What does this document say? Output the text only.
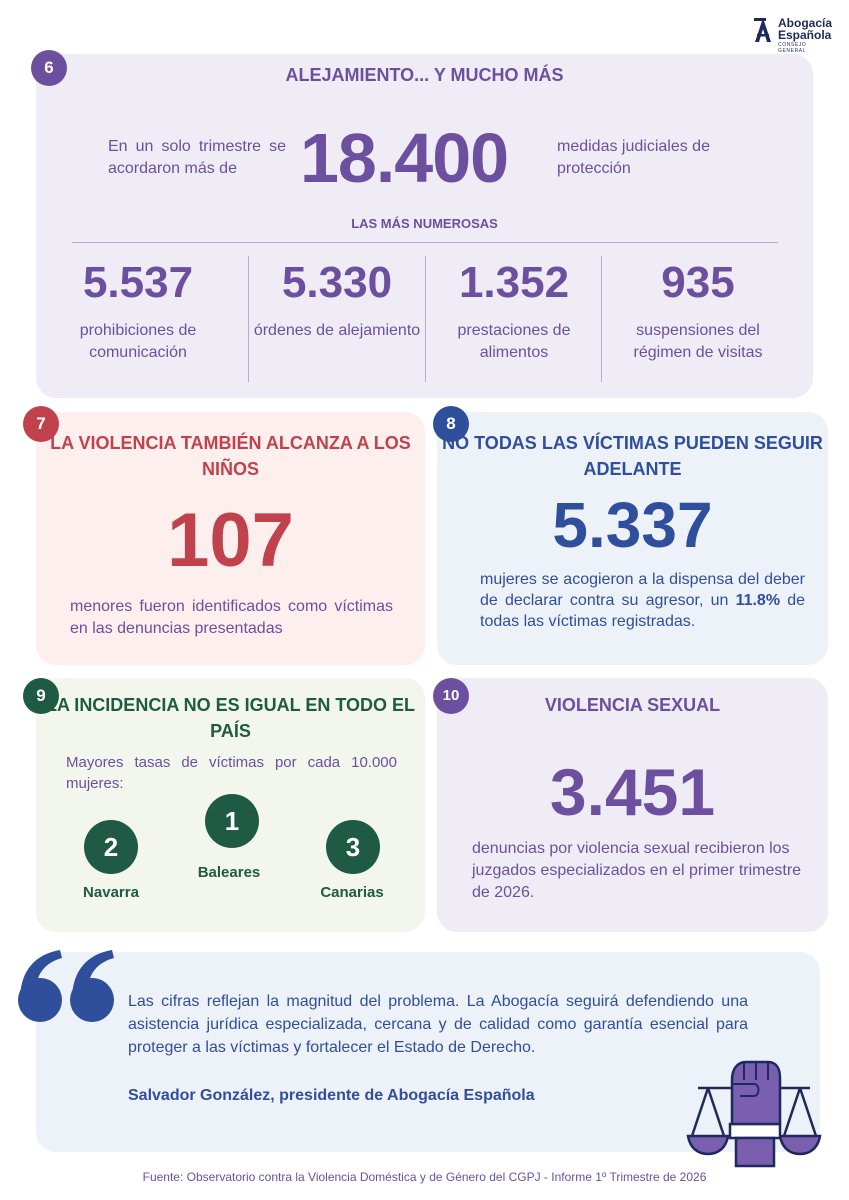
Abogacía
Española
CONSEJO GENERAL
6	ALEJAMIENTO... Y MUCHO MÁS
En un solo trimestre se acordaron más de 18.400	medidas judiciales de protección
LAS MÁS NUMEROSAS
5.537
prohibiciones de comunicación
5.330
órdenes de alejamiento
1.352
prestaciones de alimentos
935
suspensiones del régimen de visitas
7
LA VIOLENCIA TAMBIÉN ALCANZA A LOS NIÑOS
107
menores fueron identificados como víctimas en las denuncias presentadas
8
NO TODAS LAS VÍCTIMAS PUEDEN SEGUIR ADELANTE
5.337
mujeres se acogieron a la dispensa del deber de declarar contra su agresor, un 11.8% de todas las víctimas registradas.
9 LA INCIDENCIA NO ES IGUAL EN TODO EL PAÍS
Mayores tasas de víctimas por cada 10.000 mujeres:
1
Baleares
2
Navarra
3
Canarias
10	VIOLENCIA SEXUAL
3.451
denuncias por violencia sexual recibieron los juzgados especializados en el primer trimestre de 2026.
Las cifras reflejan la magnitud del problema. La Abogacía seguirá defendiendo una asistencia jurídica especializada, cercana y de calidad como garantía esencial para proteger a las víctimas y fortalecer el Estado de Derecho.
Salvador González, presidente de Abogacía Española
Fuente: Observatorio contra la Violencia Doméstica y de Género del CGPJ - Informe 1º Trimestre de 2026
